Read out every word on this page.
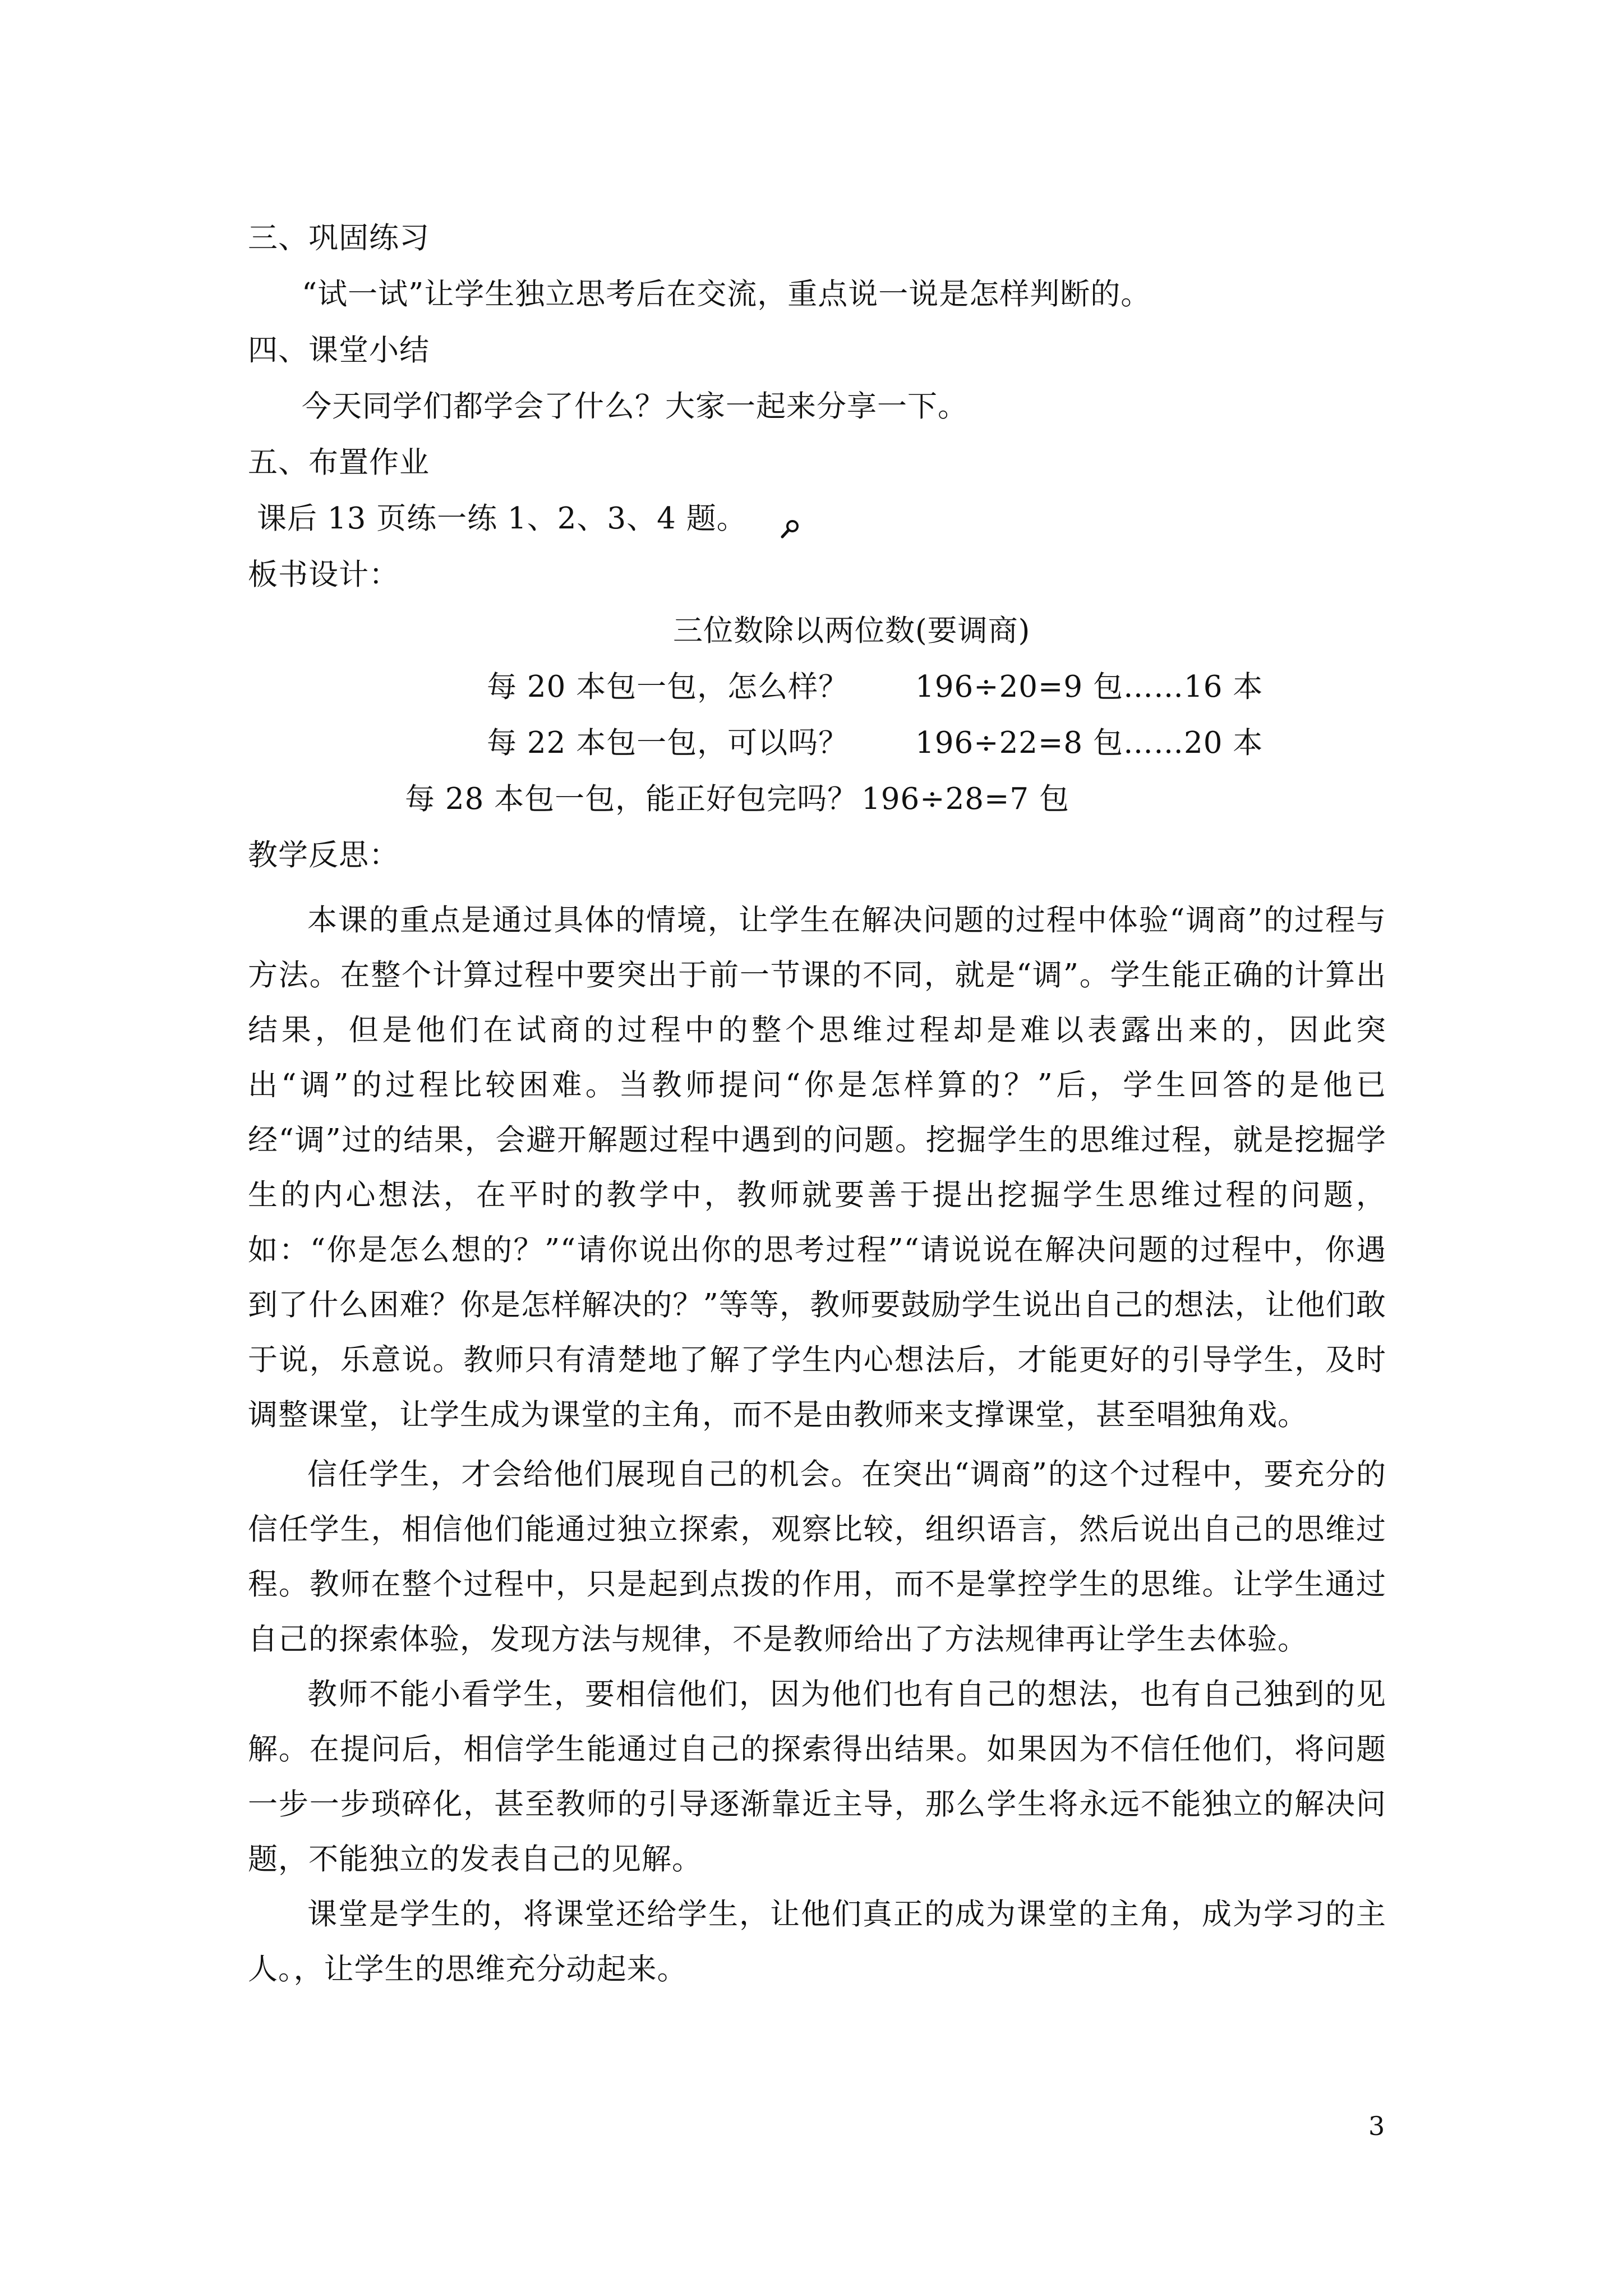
三、巩固练习
“试一试”让学生独立思考后在交流，重点说一说是怎样判断的。
四、课堂小结
今天同学们都学会了什么？大家一起来分享一下。
五、布置作业
课后 13 页练一练 1、2、3、4 题。
板书设计：
三位数除以两位数(要调商)
每 20 本包一包，怎么样？ 196÷20=9 包……16 本
每 22 本包一包，可以吗？ 196÷22=8 包……20 本
每 28 本包一包，能正好包完吗？ 196÷28=7 包
教学反思：
本课的重点是通过具体的情境，让学生在解决问题的过程中体验“调商”的过程与方法。在整个计算过程中要突出于前一节课的不同，就是“调”。学生能正确的计算出结果，但是他们在试商的过程中的整个思维过程却是难以表露出来的，因此突出“调”的过程比较困难。当教师提问“你是怎样算的？”后，学生回答的是他已经“调”过的结果，会避开解题过程中遇到的问题。挖掘学生的思维过程，就是挖掘学生的内心想法，在平时的教学中，教师就要善于提出挖掘学生思维过程的问题，如：“你是怎么想的？”“请你说出你的思考过程”“请说说在解决问题的过程中，你遇到了什么困难？你是怎样解决的？”等等，教师要鼓励学生说出自己的想法，让他们敢于说，乐意说。教师只有清楚地了解了学生内心想法后，才能更好的引导学生，及时调整课堂，让学生成为课堂的主角，而不是由教师来支撑课堂，甚至唱独角戏。
信任学生，才会给他们展现自己的机会。在突出“调商”的这个过程中，要充分的信任学生，相信他们能通过独立探索，观察比较，组织语言，然后说出自己的思维过程。教师在整个过程中，只是起到点拨的作用，而不是掌控学生的思维。让学生通过自己的探索体验，发现方法与规律，不是教师给出了方法规律再让学生去体验。
教师不能小看学生，要相信他们，因为他们也有自己的想法，也有自己独到的见解。在提问后，相信学生能通过自己的探索得出结果。如果因为不信任他们，将问题一步一步琐碎化，甚至教师的引导逐渐靠近主导，那么学生将永远不能独立的解决问题，不能独立的发表自己的见解。
课堂是学生的，将课堂还给学生，让他们真正的成为课堂的主角，成为学习的主人。，让学生的思维充分动起来。
3
